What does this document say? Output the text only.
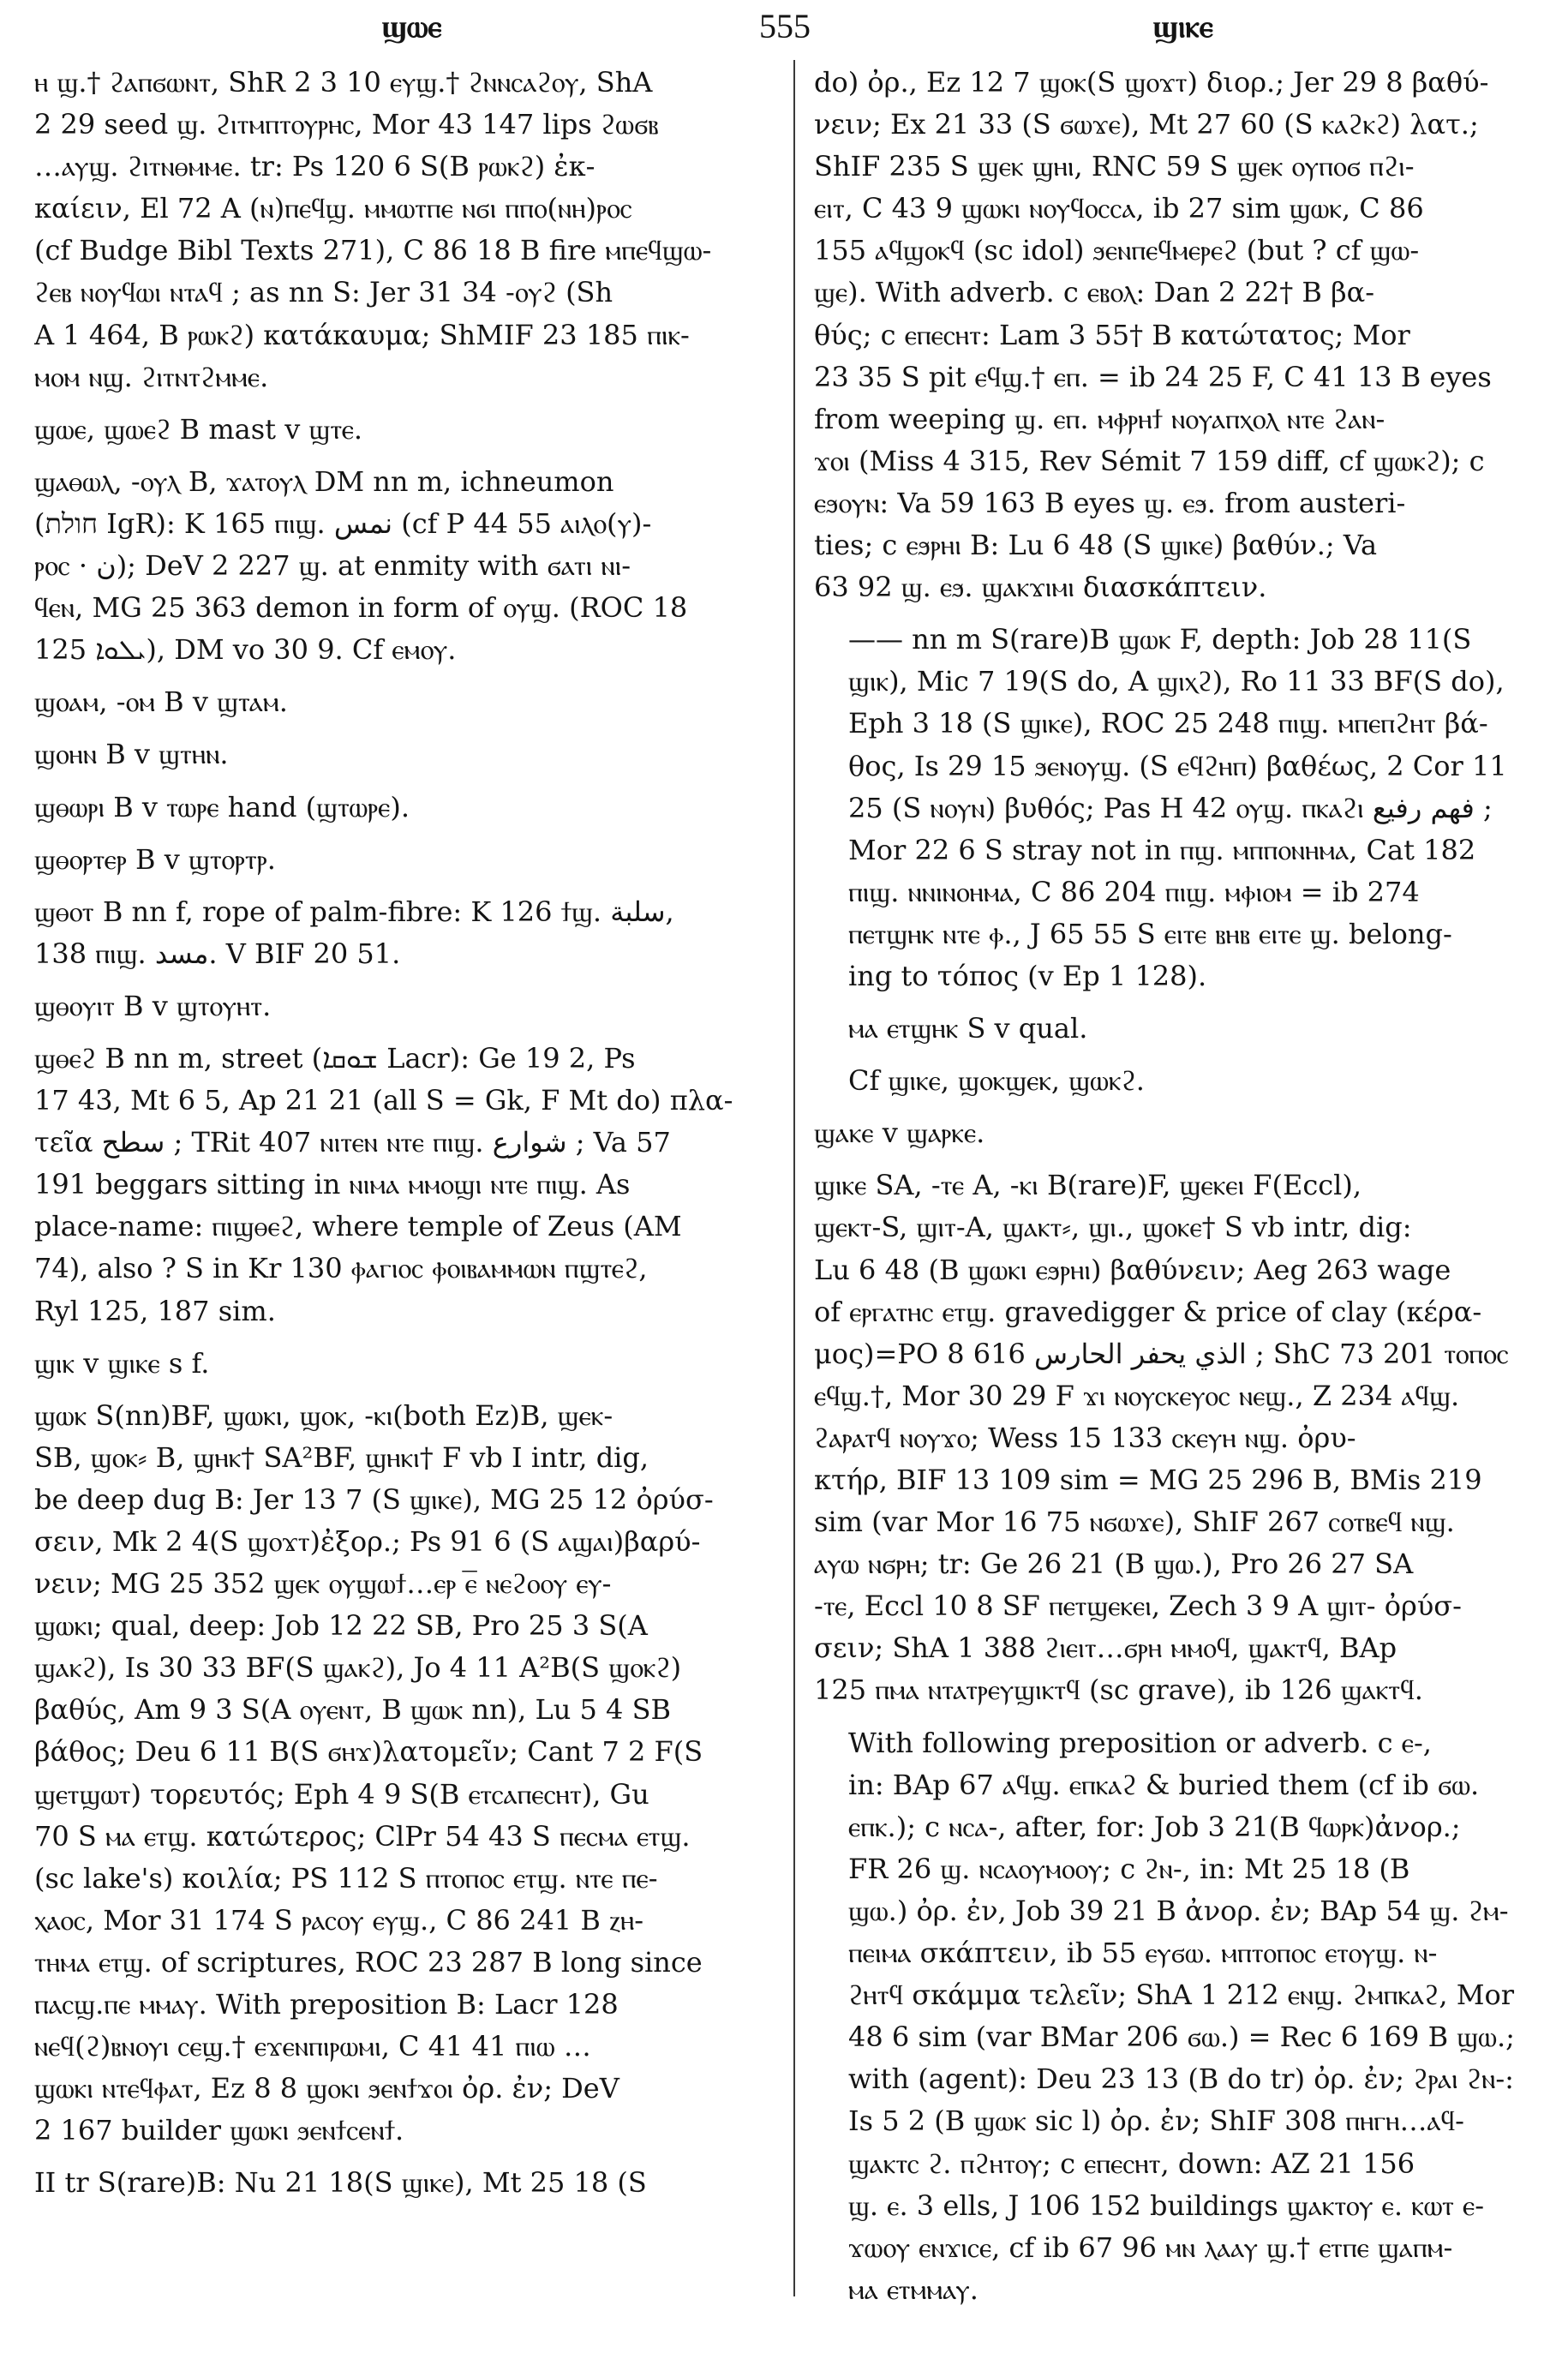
ϣⲱⲉ	555	ϣⲓⲕⲉ
ⲏ ϣ.† ϩⲁⲡϭⲱⲛⲧ, ShR 2 3 10 ⲉⲩϣ.† ϩⲛⲛⲥⲁϩⲟⲩ, ShA
2 29 seed ϣ. ϩⲓⲧⲙⲡⲧⲟⲩⲣⲏⲥ, Mor 43 147 lips ϩⲱϭⲃ
…ⲁⲩϣ. ϩⲓⲧⲛⲑⲙⲙⲉ. tr: Ps 120 6 S(B ⲣⲱⲕϩ) ἐκ-
καίειν, El 72 A (ⲛ)ⲡⲉϥϣ. ⲙⲙⲱⲧⲡⲉ ⲛϭⲓ ⲡⲡⲟ(ⲛⲏ)ⲣⲟⲥ
(cf Budge Bibl Texts 271), C 86 18 B fire ⲙⲡⲉϥϣⲱ-
ϩⲉⲃ ⲛⲟⲩϥⲱⲓ ⲛⲧⲁϥ ; as nn S: Jer 31 34 -ⲟⲩϩ (Sh
A 1 464, B ⲣⲱⲕϩ) κατάκαυμα; ShMIF 23 185 ⲡⲓⲕ-
ⲙⲟⲙ ⲛϣ. ϩⲓⲧⲛⲧϩⲙⲙⲉ.
ϣⲱⲉ, ϣⲱⲉϩ B mast v ϣⲧⲉ.
ϣⲁⲑⲱⲗ, -ⲟⲩⲗ B, ϫⲁⲧⲟⲩⲗ DM nn m, ichneumon
(חולת IgR): K 165 ⲡⲓϣ. نمس (cf P 44 55 ⲁⲓⲗⲟ(ⲩ)-
ⲣⲟⲥ · ن); DeV 2 227 ϣ. at enmity with ϭⲁⲧⲓ ⲛⲓ-
ϥⲉⲛ, MG 25 363 demon in form of ⲟⲩϣ. (ROC 18
125 ܝܠܘܐ), DM vo 30 9. Cf ⲉⲙⲟⲩ.
ϣⲟⲁⲙ, -ⲟⲙ B v ϣⲧⲁⲙ.
ϣⲟⲏⲛ B v ϣⲧⲏⲛ.
ϣⲑⲱⲣⲓ B v ⲧⲱⲣⲉ hand (ϣⲧⲱⲣⲉ).
ϣⲑⲟⲣⲧⲉⲣ B v ϣⲧⲟⲣⲧⲣ.
ϣⲑⲟⲧ B nn f, rope of palm-fibre: K 126 ϯϣ. سلبة,
138 ⲡⲓϣ. مسد. V BIF 20 51.
ϣⲑⲟⲩⲓⲧ B v ϣⲧⲟⲩⲏⲧ.
ϣⲑⲉϩ B nn m, street (ܫܘܩܐ Lacr): Ge 19 2, Ps
17 43, Mt 6 5, Ap 21 21 (all S = Gk, F Mt do) πλα-
τεῖα سطح ; TRit 407 ⲛⲓⲧⲉⲛ ⲛⲧⲉ ⲡⲓϣ. شوارع ; Va 57
191 beggars sitting in ⲛⲓⲙⲁ ⲙⲙⲟϣⲓ ⲛⲧⲉ ⲡⲓϣ. As
place-name: ⲡⲓϣⲑⲉϩ, where temple of Zeus (AM
74), also ? S in Kr 130 ⲫⲁⲅⲓⲟⲥ ⲫⲟⲓⲃⲁⲙⲙⲱⲛ ⲡϣⲧⲉϩ,
Ryl 125, 187 sim.
ϣⲓⲕ v ϣⲓⲕⲉ s f.
ϣⲱⲕ S(nn)BF, ϣⲱⲕⲓ, ϣⲟⲕ, -ⲕⲓ(both Ez)B, ϣⲉⲕ-
SB, ϣⲟⲕ⸗ B, ϣⲏⲕ† SA²BF, ϣⲏⲕⲓ† F vb I intr, dig,
be deep dug B: Jer 13 7 (S ϣⲓⲕⲉ), MG 25 12 ὀρύσ-
σειν, Mk 2 4(S ϣⲟϫⲧ)ἐξορ.; Ps 91 6 (S ⲁϣⲁⲓ)βαρύ-
νειν; MG 25 352 ϣⲉⲕ ⲟⲩϣⲱϯ…ⲉⲣ ⲉ̅ ⲛⲉϩⲟⲟⲩ ⲉⲩ-
ϣⲱⲕⲓ; qual, deep: Job 12 22 SB, Pro 25 3 S(A
ϣⲁⲕϩ), Is 30 33 BF(S ϣⲁⲕϩ), Jo 4 11 A²B(S ϣⲟⲕϩ)
βαθύς, Am 9 3 S(A ⲟⲩⲉⲛⲧ, B ϣⲱⲕ nn), Lu 5 4 SB
βάθος; Deu 6 11 B(S ϭⲏϫ)λατομεῖν; Cant 7 2 F(S
ϣⲉⲧϣⲱⲧ) τορευτός; Eph 4 9 S(B ⲉⲧⲥⲁⲡⲉⲥⲏⲧ), Gu
70 S ⲙⲁ ⲉⲧϣ. κατώτερος; ClPr 54 43 S ⲡⲉⲥⲙⲁ ⲉⲧϣ.
(sc lake's) κοιλία; PS 112 S ⲡⲧⲟⲡⲟⲥ ⲉⲧϣ. ⲛⲧⲉ ⲡⲉ-
ⲭⲁⲟⲥ, Mor 31 174 S ⲣⲁⲥⲟⲩ ⲉⲩϣ., C 86 241 B ⲍⲏ-
ⲧⲏⲙⲁ ⲉⲧϣ. of scriptures, ROC 23 287 B long since
ⲡⲁⲥϣ.ⲡⲉ ⲙⲙⲁⲩ. With preposition B: Lacr 128
ⲛⲉϥ(ϩ)ⲃⲛⲟⲩⲓ ⲥⲉϣ.† ⲉϫⲉⲛⲡⲓⲣⲱⲙⲓ, C 41 41 ⲡⲓⲱ …
ϣⲱⲕⲓ ⲛⲧⲉϥⲫⲁⲧ, Ez 8 8 ϣⲟⲕⲓ ϧⲉⲛϯϫⲟⲓ ὀρ. ἐν; DeV
2 167 builder ϣⲱⲕⲓ ϧⲉⲛϯⲥⲉⲛϯ.
II tr S(rare)B: Nu 21 18(S ϣⲓⲕⲉ), Mt 25 18 (S
do) ὀρ., Ez 12 7 ϣⲟⲕ(S ϣⲟϫⲧ) διορ.; Jer 29 8 βαθύ-
νειν; Ex 21 33 (S ϭⲱϫⲉ), Mt 27 60 (S ⲕⲁϩⲕϩ) λατ.;
ShIF 235 S ϣⲉⲕ ϣⲏⲓ, RNC 59 S ϣⲉⲕ ⲟⲩⲡⲟϭ ⲡϩⲓ-
ⲉⲓⲧ, C 43 9 ϣⲱⲕⲓ ⲛⲟⲩϥⲟⲥⲥⲁ, ib 27 sim ϣⲱⲕ, C 86
155 ⲁϥϣⲟⲕϥ (sc idol) ϧⲉⲛⲡⲉϥⲙⲉⲣⲉϩ (but ? cf ϣⲱ-
ϣⲉ). With adverb. c ⲉⲃⲟⲗ: Dan 2 22† B βα-
θύς; c ⲉⲡⲉⲥⲏⲧ: Lam 3 55† B κατώτατος; Mor
23 35 S pit ⲉϥϣ.† ⲉⲡ. = ib 24 25 F, C 41 13 B eyes
from weeping ϣ. ⲉⲡ. ⲙⲫⲣⲏϯ ⲛⲟⲩⲁⲡⲭⲟⲗ ⲛⲧⲉ ϩⲁⲛ-
ϫⲟⲓ (Miss 4 315, Rev Sémit 7 159 diff, cf ϣⲱⲕϩ); c
ⲉϧⲟⲩⲛ: Va 59 163 B eyes ϣ. ⲉϧ. from austeri-
ties; c ⲉϧⲣⲏⲓ B: Lu 6 48 (S ϣⲓⲕⲉ) βαθύν.; Va
63 92 ϣ. ⲉϧ. ϣⲁⲕϫⲓⲙⲓ διασκάπτειν.
—— nn m S(rare)B ϣⲱⲕ F, depth: Job 28 11(S
ϣⲓⲕ), Mic 7 19(S do, A ϣⲓⲭϩ), Ro 11 33 BF(S do),
Eph 3 18 (S ϣⲓⲕⲉ), ROC 25 248 ⲡⲓϣ. ⲙⲡⲉⲡϩⲏⲧ βά-
θος, Is 29 15 ϧⲉⲛⲟⲩϣ. (S ⲉϥϩⲏⲡ) βαθέως, 2 Cor 11
25 (S ⲛⲟⲩⲛ) βυθός; Pas H 42 ⲟⲩϣ. ⲡⲕⲁϩⲓ فهم رفيع ;
Mor 22 6 S stray not in ⲡϣ. ⲙⲡⲡⲟⲛⲏⲙⲁ, Cat 182
ⲡⲓϣ. ⲛⲛⲓⲛⲟⲏⲙⲁ, C 86 204 ⲡⲓϣ. ⲙⲫⲓⲟⲙ = ib 274
ⲡⲉⲧϣⲏⲕ ⲛⲧⲉ ⲫ., J 65 55 S ⲉⲓⲧⲉ ⲃⲏⲃ ⲉⲓⲧⲉ ϣ. belong-
ing to τόπος (v Ep 1 128).
ⲙⲁ ⲉⲧϣⲏⲕ S v qual.
Cf ϣⲓⲕⲉ, ϣⲟⲕϣⲉⲕ, ϣⲱⲕϩ.
ϣⲁⲕⲉ v ϣⲁⲣⲕⲉ.
ϣⲓⲕⲉ SA, -ⲧⲉ A, -ⲕⲓ B(rare)F, ϣⲉⲕⲉⲓ F(Eccl),
ϣⲉⲕⲧ-S, ϣⲓⲧ-A, ϣⲁⲕⲧ⸗, ϣⲓ., ϣⲟⲕⲉ† S vb intr, dig:
Lu 6 48 (B ϣⲱⲕⲓ ⲉϧⲣⲏⲓ) βαθύνειν; Aeg 263 wage
of ⲉⲣⲅⲁⲧⲏⲥ ⲉⲧϣ. gravedigger & price of clay (κέρα-
μος)=PO 8 616 الذي يحفر الحارس ; ShC 73 201 ⲧⲟⲡⲟⲥ
ⲉϥϣ.†, Mor 30 29 F ϫⲓ ⲛⲟⲩⲥⲕⲉⲩⲟⲥ ⲛⲉϣ., Z 234 ⲁϥϣ.
ϩⲁⲣⲁⲧϥ ⲛⲟⲩϫⲟ; Wess 15 133 ⲥⲕⲉⲩⲏ ⲛϣ. ὀρυ-
κτήρ, BIF 13 109 sim = MG 25 296 B, BMis 219
sim (var Mor 16 75 ⲛϭⲱϫⲉ), ShIF 267 ⲥⲟⲧⲃⲉϥ ⲛϣ.
ⲁⲩⲱ ⲛϭⲣⲏ; tr: Ge 26 21 (B ϣⲱ.), Pro 26 27 SA
-ⲧⲉ, Eccl 10 8 SF ⲡⲉⲧϣⲉⲕⲉⲓ, Zech 3 9 A ϣⲓⲧ- ὀρύσ-
σειν; ShA 1 388 ϩⲓⲉⲓⲧ…ϭⲣⲏ ⲙⲙⲟϥ, ϣⲁⲕⲧϥ, BAp
125 ⲡⲙⲁ ⲛⲧⲁⲧⲣⲉⲩϣⲓⲕⲧϥ (sc grave), ib 126 ϣⲁⲕⲧϥ.
With following preposition or adverb. c ⲉ-,
in: BAp 67 ⲁϥϣ. ⲉⲡⲕⲁϩ & buried them (cf ib ϭⲱ.
ⲉⲡⲕ.); c ⲛⲥⲁ-, after, for: Job 3 21(B ϥⲱⲣⲕ)ἀνορ.;
FR 26 ϣ. ⲛⲥⲁⲟⲩⲙⲟⲟⲩ; c ϩⲛ-, in: Mt 25 18 (B
ϣⲱ.) ὀρ. ἐν, Job 39 21 B ἀνορ. ἐν; BAp 54 ϣ. ϩⲙ-
ⲡⲉⲓⲙⲁ σκάπτειν, ib 55 ⲉⲩϭⲱ. ⲙⲡⲧⲟⲡⲟⲥ ⲉⲧⲟⲩϣ. ⲛ-
ϩⲏⲧϥ σκάμμα τελεῖν; ShA 1 212 ⲉⲛϣ. ϩⲙⲡⲕⲁϩ, Mor
48 6 sim (var BMar 206 ϭⲱ.) = Rec 6 169 B ϣⲱ.;
with (agent): Deu 23 13 (B do tr) ὀρ. ἐν; ϩⲣⲁⲓ ϩⲛ-:
Is 5 2 (B ϣⲱⲕ sic l) ὀρ. ἐν; ShIF 308 ⲡⲏⲅⲏ…ⲁϥ-
ϣⲁⲕⲧⲥ ϩ. ⲡϩⲏⲧⲟⲩ; c ⲉⲡⲉⲥⲏⲧ, down: AZ 21 156
ϣ. ⲉ. 3 ells, J 106 152 buildings ϣⲁⲕⲧⲟⲩ ⲉ. ⲕⲱⲧ ⲉ-
ϫⲱⲟⲩ ⲉⲛϫⲓⲥⲉ, cf ib 67 96 ⲙⲛ ⲗⲁⲁⲩ ϣ.† ⲉⲧⲡⲉ ϣⲁⲡⲙ-
ⲙⲁ ⲉⲧⲙⲙⲁⲩ.
